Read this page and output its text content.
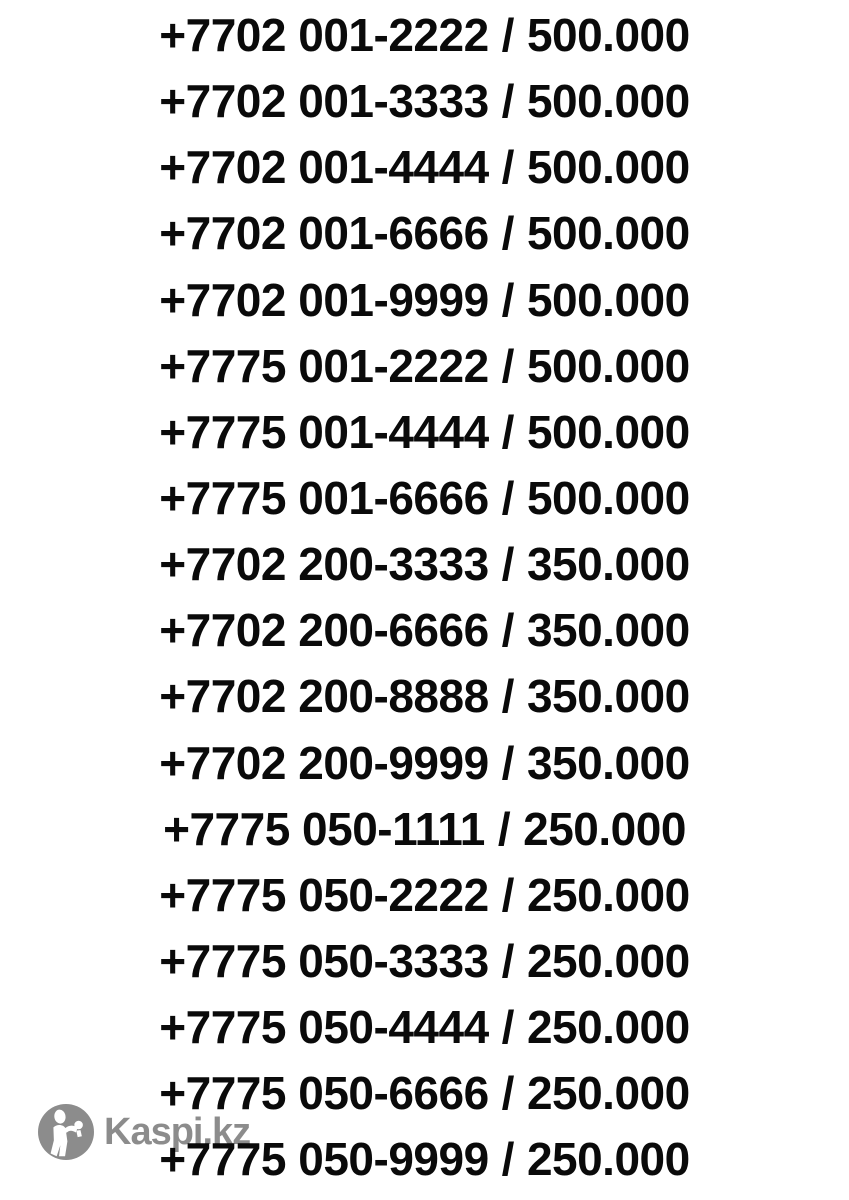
+7702 001-2222 / 500.000
+7702 001-3333 / 500.000
+7702 001-4444 / 500.000
+7702 001-6666 / 500.000
+7702 001-9999 / 500.000
+7775 001-2222 / 500.000
+7775 001-4444 / 500.000
+7775 001-6666 / 500.000
+7702 200-3333 / 350.000
+7702 200-6666 / 350.000
+7702 200-8888 / 350.000
+7702 200-9999 / 350.000
+7775 050-1111 / 250.000
+7775 050-2222 / 250.000
+7775 050-3333 / 250.000
+7775 050-4444 / 250.000
+7775 050-6666 / 250.000
+7775 050-9999 / 250.000
Kaspi.kz
